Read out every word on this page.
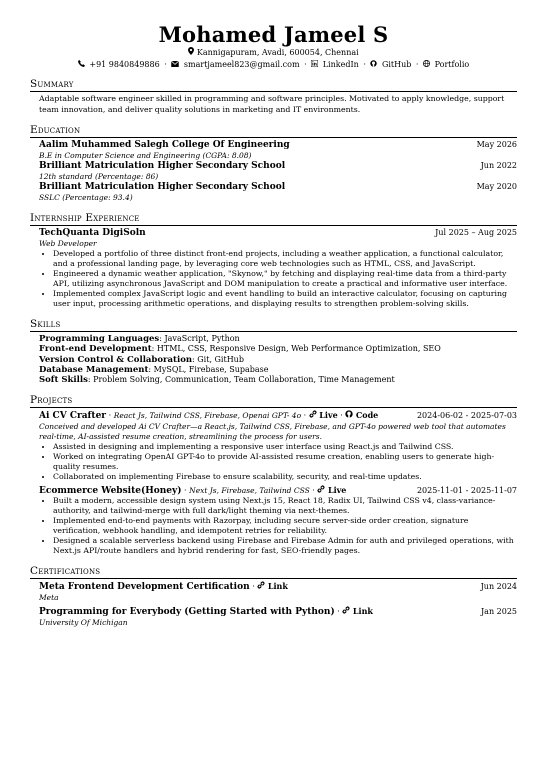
Mohamed Jameel S
Kannigapuram, Avadi, 600054, Chennai
+91 9840849886 · smartjameel823@gmail.com · LinkedIn · GitHub · Portfolio
Summary
Adaptable software engineer skilled in programming and software principles. Motivated to apply knowledge, support team innovation, and deliver quality solutions in marketing and IT environments.
Education
Aalim Muhammed Salegh College Of Engineering	May 2026
B.E in Computer Science and Engineering (CGPA: 8.08)
Brilliant Matriculation Higher Secondary School	Jun 2022
12th standard (Percentage: 86)
Brilliant Matriculation Higher Secondary School	May 2020
SSLC (Percentage: 93.4)
Internship Experience
TechQuanta DigiSoln	Jul 2025 – Aug 2025
Web Developer
• Developed a portfolio of three distinct front-end projects, including a weather application, a functional calculator, and a professional landing page, by leveraging core web technologies such as HTML, CSS, and JavaScript.
• Engineered a dynamic weather application, "Skynow," by fetching and displaying real-time data from a third-party API, utilizing asynchronous JavaScript and DOM manipulation to create a practical and informative user interface.
• Implemented complex JavaScript logic and event handling to build an interactive calculator, focusing on capturing user input, processing arithmetic operations, and displaying results to strengthen problem-solving skills.
Skills
Programming Languages: JavaScript, Python
Front-end Development: HTML, CSS, Responsive Design, Web Performance Optimization, SEO
Version Control & Collaboration: Git, GitHub
Database Management: MySQL, Firebase, Supabase
Soft Skills: Problem Solving, Communication, Team Collaboration, Time Management
Projects
Ai CV Crafter · React Js, Tailwind CSS, Firebase, Openai GPT- 4o · Live · Code	2024-06-02 - 2025-07-03
Conceived and developed Ai CV Crafter—a React.js, Tailwind CSS, Firebase, and GPT-4o powered web tool that automates real-time, AI-assisted resume creation, streamlining the process for users.
• Assisted in designing and implementing a responsive user interface using React.js and Tailwind CSS.
• Worked on integrating OpenAI GPT-4o to provide AI-assisted resume creation, enabling users to generate high-quality resumes.
• Collaborated on implementing Firebase to ensure scalability, security, and real-time updates.
Ecommerce Website(Honey) · Next Js, Firebase, Tailwind CSS · Live	2025-11-01 - 2025-11-07
• Built a modern, accessible design system using Next.js 15, React 18, Radix UI, Tailwind CSS v4, class-variance-authority, and tailwind-merge with full dark/light theming via next-themes.
• Implemented end-to-end payments with Razorpay, including secure server-side order creation, signature verification, webhook handling, and idempotent retries for reliability.
• Designed a scalable serverless backend using Firebase and Firebase Admin for auth and privileged operations, with Next.js API/route handlers and hybrid rendering for fast, SEO-friendly pages.
Certifications
Meta Frontend Development Certification · Link	Jun 2024
Meta
Programming for Everybody (Getting Started with Python) · Link	Jan 2025
University Of Michigan
